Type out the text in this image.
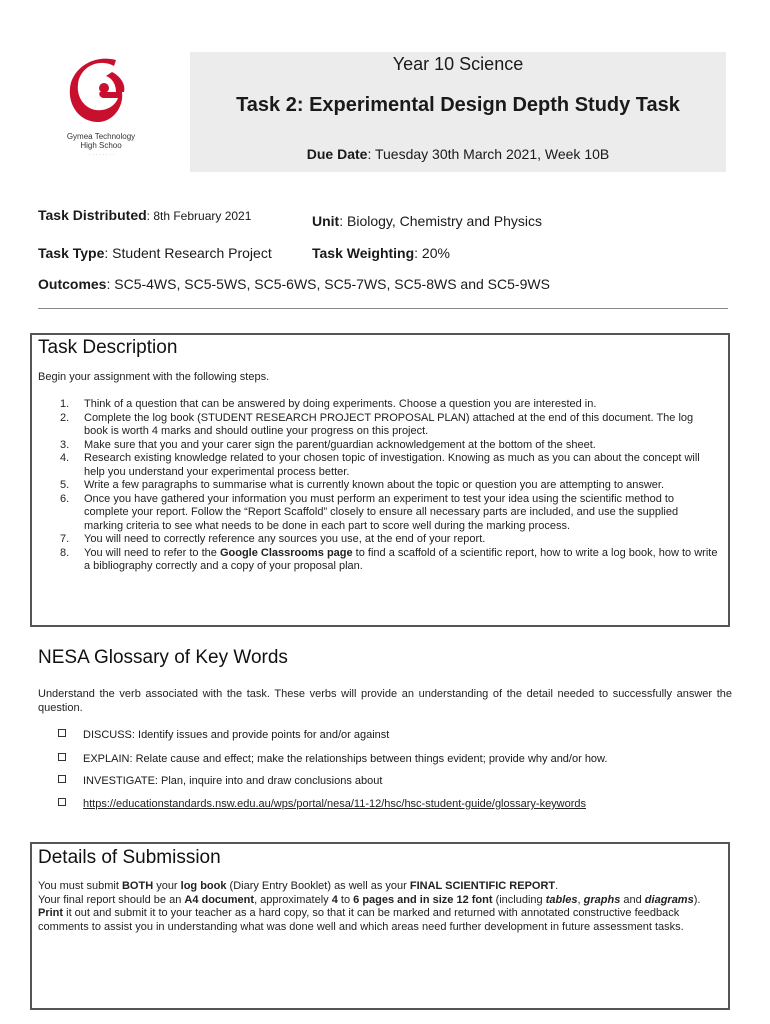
Gymea Technology
High Schoo
· · · · · · · ·
Year 10 Science
Task 2: Experimental Design Depth Study Task
Due Date: Tuesday 30th March 2021, Week 10B
Task Distributed: 8th February 2021	Unit: Biology, Chemistry and Physics
Task Type: Student Research Project	Task Weighting: 20%
Outcomes: SC5-4WS, SC5-5WS, SC5-6WS, SC5-7WS, SC5-8WS and SC5-9WS
Task Description
Begin your assignment with the following steps.
1. Think of a question that can be answered by doing experiments. Choose a question you are interested in.
2. Complete the log book (STUDENT RESEARCH PROJECT PROPOSAL PLAN) attached at the end of this document. The log book is worth 4 marks and should outline your progress on this project.
3. Make sure that you and your carer sign the parent/guardian acknowledgement at the bottom of the sheet.
4. Research existing knowledge related to your chosen topic of investigation. Knowing as much as you can about the concept will help you understand your experimental process better.
5. Write a few paragraphs to summarise what is currently known about the topic or question you are attempting to answer.
6. Once you have gathered your information you must perform an experiment to test your idea using the scientific method to complete your report. Follow the “Report Scaffold” closely to ensure all necessary parts are included, and use the supplied marking criteria to see what needs to be done in each part to score well during the marking process.
7. You will need to correctly reference any sources you use, at the end of your report.
8. You will need to refer to the Google Classrooms page to find a scaffold of a scientific report, how to write a log book, how to write a bibliography correctly and a copy of your proposal plan.
NESA Glossary of Key Words
Understand the verb associated with the task. These verbs will provide an understanding of the detail needed to successfully answer the question.
DISCUSS: Identify issues and provide points for and/or against
EXPLAIN: Relate cause and effect; make the relationships between things evident; provide why and/or how.
INVESTIGATE: Plan, inquire into and draw conclusions about
https://educationstandards.nsw.edu.au/wps/portal/nesa/11-12/hsc/hsc-student-guide/glossary-keywords
Details of Submission
You must submit BOTH your log book (Diary Entry Booklet) as well as your FINAL SCIENTIFIC REPORT.
Your final report should be an A4 document, approximately 4 to 6 pages and in size 12 font (including tables, graphs and diagrams).
Print it out and submit it to your teacher as a hard copy, so that it can be marked and returned with annotated constructive feedback comments to assist you in understanding what was done well and which areas need further development in future assessment tasks.
